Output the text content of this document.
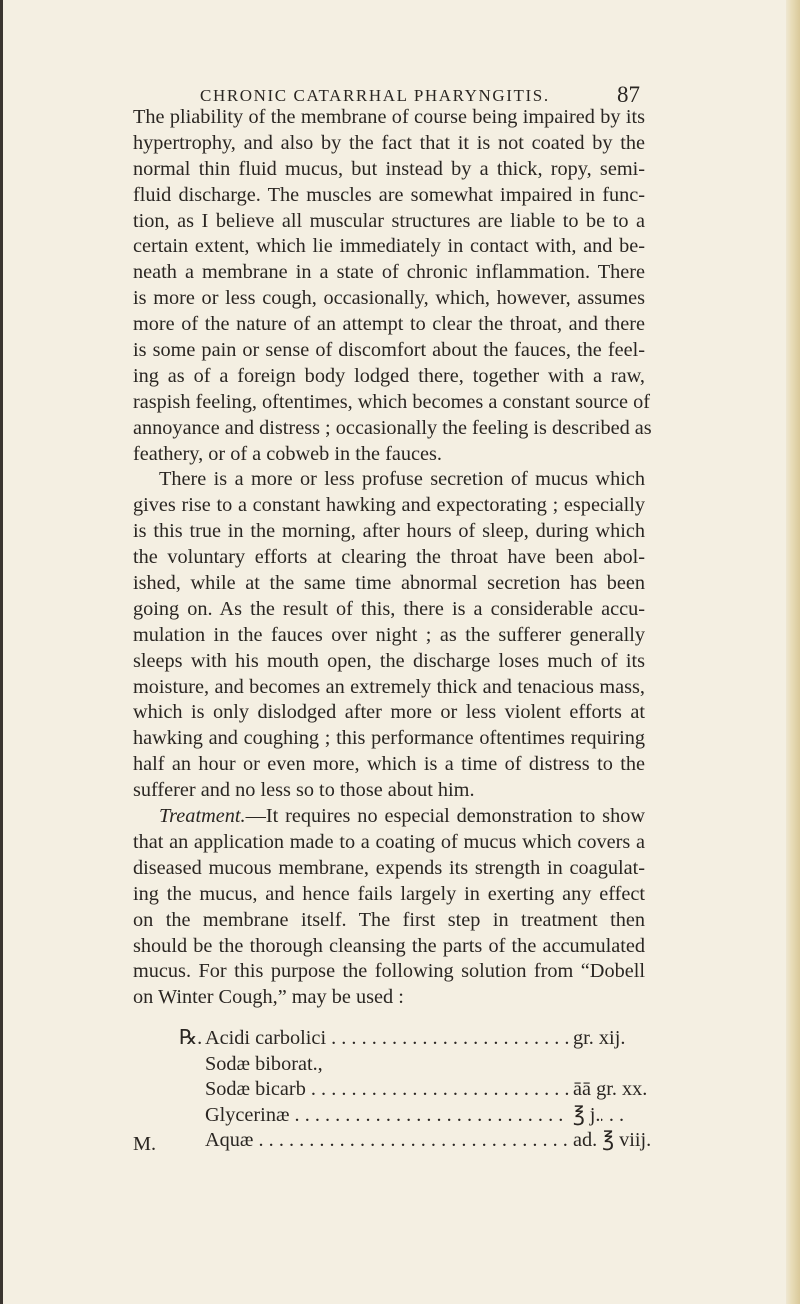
CHRONIC CATARRHAL PHARYNGITIS.	87
The pliability of the membrane of course being impaired by its
hypertrophy, and also by the fact that it is not coated by the
normal thin fluid mucus, but instead by a thick, ropy, semi-
fluid discharge. The muscles are somewhat impaired in func-
tion, as I believe all muscular structures are liable to be to a
certain extent, which lie immediately in contact with, and be-
neath a membrane in a state of chronic inflammation. There
is more or less cough, occasionally, which, however, assumes
more of the nature of an attempt to clear the throat, and there
is some pain or sense of discomfort about the fauces, the feel-
ing as of a foreign body lodged there, together with a raw,
raspish feeling, oftentimes, which becomes a constant source of
annoyance and distress ; occasionally the feeling is described as
feathery, or of a cobweb in the fauces.
There is a more or less profuse secretion of mucus which
gives rise to a constant hawking and expectorating ; especially
is this true in the morning, after hours of sleep, during which
the voluntary efforts at clearing the throat have been abol-
ished, while at the same time abnormal secretion has been
going on. As the result of this, there is a considerable accu-
mulation in the fauces over night ; as the sufferer generally
sleeps with his mouth open, the discharge loses much of its
moisture, and becomes an extremely thick and tenacious mass,
which is only dislodged after more or less violent efforts at
hawking and coughing ; this performance oftentimes requiring
half an hour or even more, which is a time of distress to the
sufferer and no less so to those about him.
Treatment.—It requires no especial demonstration to show
that an application made to a coating of mucus which covers a
diseased mucous membrane, expends its strength in coagulat-
ing the mucus, and hence fails largely in exerting any effect
on the membrane itself. The first step in treatment then
should be the thorough cleansing the parts of the accumulated
mucus. For this purpose the following solution from “Dobell
on Winter Cough,” may be used :
℞. Acidi carbolici . . .	gr. xij.
Sodæ biborat.,
Sodæ bicarb . . .	āā gr. xx.
Glycerinæ . . .	℥ j.
Aquæ . . .	ad. ℥ viij.
M.
